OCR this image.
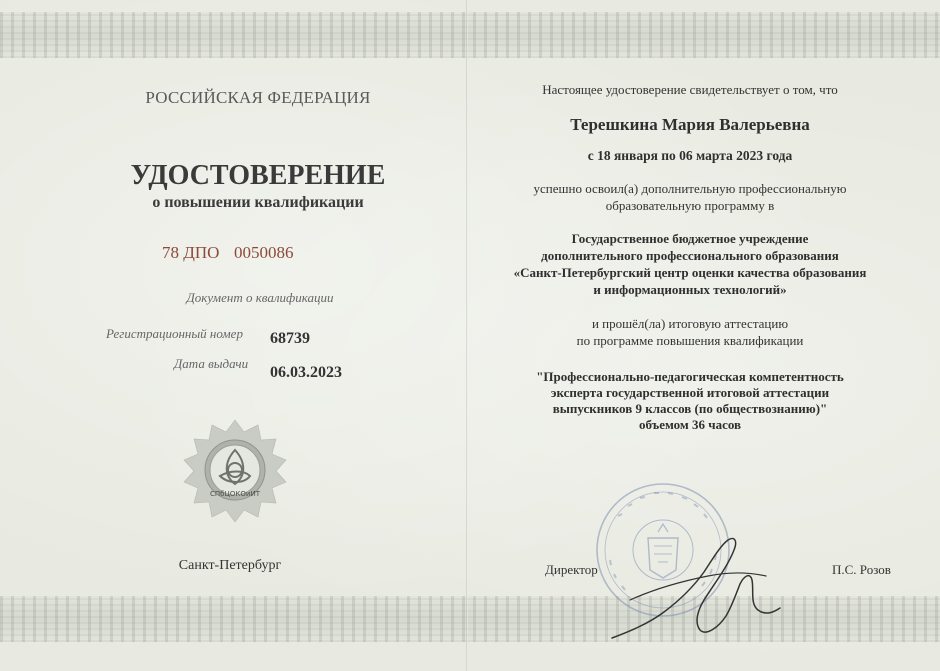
РОССИЙСКАЯ ФЕДЕРАЦИЯ
УДОСТОВЕРЕНИЕ
о повышении квалификации
78 ДПО 0050086
Документ о квалификации
Регистрационный номер 68739
Дата выдачи
06.03.2023
СПбЦОКОиИТ
Санкт-Петербург
Настоящее удостоверение свидетельствует о том, что
Терешкина Мария Валерьевна
с 18 января по 06 марта 2023 года
успешно освоил(а) дополнительную профессиональную
образовательную программу в
Государственное бюджетное учреждение
дополнительного профессионального образования
«Санкт-Петербургский центр оценки качества образования
и информационных технологий»
и прошёл(ла) итоговую аттестацию
по программе повышения квалификации
"Профессионально-педагогическая компетентность
эксперта государственной итоговой аттестации
выпускников 9 классов (по обществознанию)"
объемом 36 часов
Директор	П.С. Розов
